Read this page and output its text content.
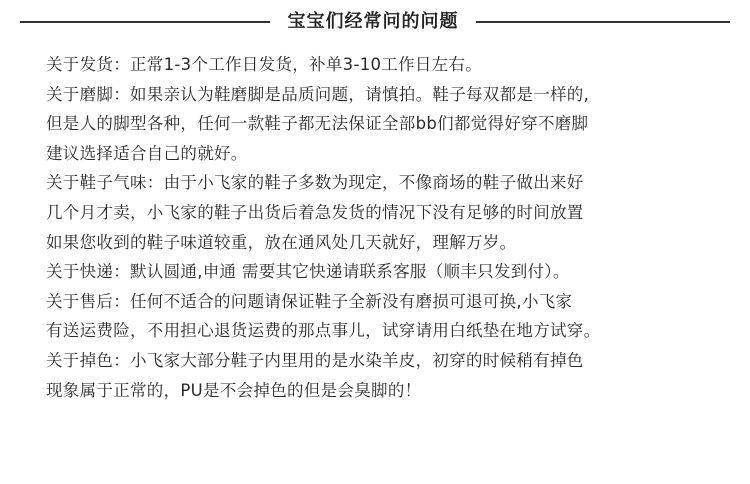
宝宝们经常问的问题
关于发货：正常1-3个工作日发货，补单3-10工作日左右。
关于磨脚：如果亲认为鞋磨脚是品质问题，请慎拍。鞋子每双都是一样的,
但是人的脚型各种，任何一款鞋子都无法保证全部bb们都觉得好穿不磨脚
建议选择适合自己的就好。
关于鞋子气味：由于小飞家的鞋子多数为现定，不像商场的鞋子做出来好
几个月才卖，小飞家的鞋子出货后着急发货的情况下没有足够的时间放置
如果您收到的鞋子味道较重，放在通风处几天就好，理解万岁。
关于快递：默认圆通,申通 需要其它快递请联系客服（顺丰只发到付）。
关于售后：任何不适合的问题请保证鞋子全新没有磨损可退可换,小飞家
有送运费险，不用担心退货运费的那点事儿，试穿请用白纸垫在地方试穿。
关于掉色：小飞家大部分鞋子内里用的是水染羊皮，初穿的时候稍有掉色
现象属于正常的，PU是不会掉色的但是会臭脚的！
